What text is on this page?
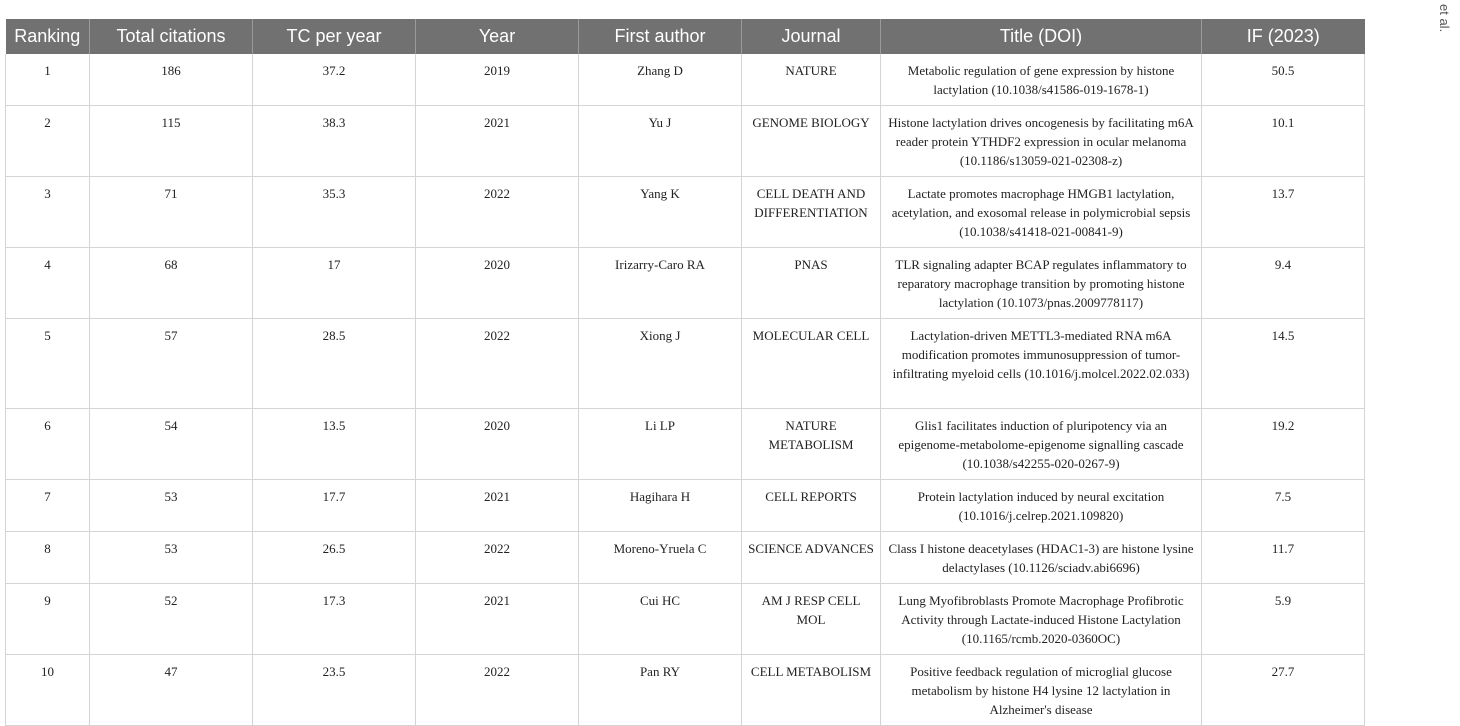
Ranking	Total citations	TC per year	Year	First author	Journal	Title (DOI)	IF (2023)
1	186	37.2	2019	Zhang D	NATURE	Metabolic regulation of gene expression by histone lactylation (10.1038/s41586-019-1678-1)	50.5
2	115	38.3	2021	Yu J	GENOME BIOLOGY	Histone lactylation drives oncogenesis by facilitating m6A reader protein YTHDF2 expression in ocular melanoma (10.1186/s13059-021-02308-z)	10.1
3	71	35.3	2022	Yang K	CELL DEATH AND DIFFERENTIATION	Lactate promotes macrophage HMGB1 lactylation, acetylation, and exosomal release in polymicrobial sepsis (10.1038/s41418-021-00841-9)	13.7
4	68	17	2020	Irizarry-Caro RA	PNAS	TLR signaling adapter BCAP regulates inflammatory to reparatory macrophage transition by promoting histone lactylation (10.1073/pnas.2009778117)	9.4
5	57	28.5	2022	Xiong J	MOLECULAR CELL	Lactylation-driven METTL3-mediated RNA m6A modification promotes immunosuppression of tumor-infiltrating myeloid cells (10.1016/j.molcel.2022.02.033)	14.5
6	54	13.5	2020	Li LP	NATURE METABOLISM	Glis1 facilitates induction of pluripotency via an epigenome-metabolome-epigenome signalling cascade (10.1038/s42255-020-0267-9)	19.2
7	53	17.7	2021	Hagihara H	CELL REPORTS	Protein lactylation induced by neural excitation (10.1016/j.celrep.2021.109820)	7.5
8	53	26.5	2022	Moreno-Yruela C	SCIENCE ADVANCES	Class I histone deacetylases (HDAC1-3) are histone lysine delactylases (10.1126/sciadv.abi6696)	11.7
9	52	17.3	2021	Cui HC	AM J RESP CELL MOL	Lung Myofibroblasts Promote Macrophage Profibrotic Activity through Lactate-induced Histone Lactylation (10.1165/rcmb.2020-0360OC)	5.9
10	47	23.5	2022	Pan RY	CELL METABOLISM	Positive feedback regulation of microglial glucose metabolism by histone H4 lysine 12 lactylation in Alzheimer's disease	27.7
et al.
